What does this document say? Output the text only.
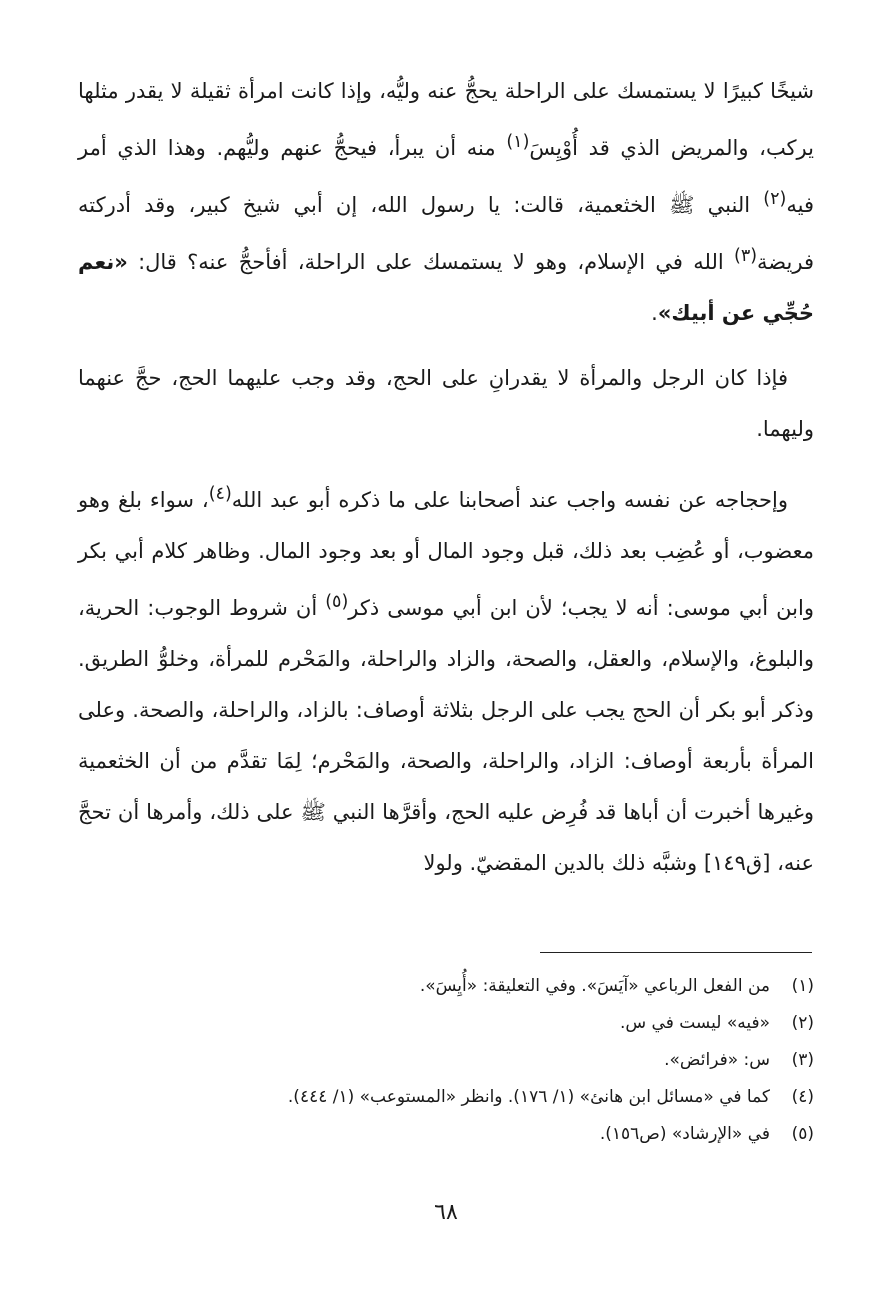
شيخًا كبيرًا لا يستمسك على الراحلة يحجُّ عنه وليُّه، وإذا كانت امرأة ثقيلة لا يقدر مثلها يركب، والمريض الذي قد أُوْيِسَ$^{(١)}$ منه أن يبرأ، فيحجُّ عنهم وليُّهم. وهذا الذي أمر فيه$^{(٢)}$ النبي ﷺ الخثعمية، قالت: يا رسول الله، إن أبي شيخ كبير، وقد أدركته فريضة$^{(٣)}$ الله في الإسلام، وهو لا يستمسك على الراحلة، أفأحجُّ عنه؟ قال: «نعم حُجِّي عن أبيك».

فإذا كان الرجل والمرأة لا يقدرانِ على الحج، وقد وجب عليهما الحج، حجَّ عنهما وليهما.

وإحجاجه عن نفسه واجب عند أصحابنا على ما ذكره أبو عبد الله$^{(٤)}$، سواء بلغ وهو معضوب، أو عُضِب بعد ذلك، قبل وجود المال أو بعد وجود المال. وظاهر كلام أبي بكر وابن أبي موسى: أنه لا يجب؛ لأن ابن أبي موسى ذكر$^{(٥)}$ أن شروط الوجوب: الحرية، والبلوغ، والإسلام، والعقل، والصحة، والزاد والراحلة، والمَحْرم للمرأة، وخلوُّ الطريق. وذكر أبو بكر أن الحج يجب على الرجل بثلاثة أوصاف: بالزاد، والراحلة، والصحة. وعلى المرأة بأربعة أوصاف: الزاد، والراحلة، والصحة، والمَحْرم؛ لِمَا تقدَّم من أن الخثعمية وغيرها أخبرت أن أباها قد فُرِض عليه الحج، وأقرَّها النبي ﷺ على ذلك، وأمرها أن تحجَّ عنه، [ق١٤٩] وشبَّه ذلك بالدين المقضيّ. ولولا

(١)
من الفعل الرباعي «آيَسَ». وفي التعليقة: «أُيِسَ».
(٢)
«فيه» ليست في س.
(٣)
س: «فرائض».
(٤)
كما في «مسائل ابن هانئ» (١/ ١٧٦). وانظر «المستوعب» (١/ ٤٤٤).
(٥)
في «الإرشاد» (ص١٥٦).
٦٨
